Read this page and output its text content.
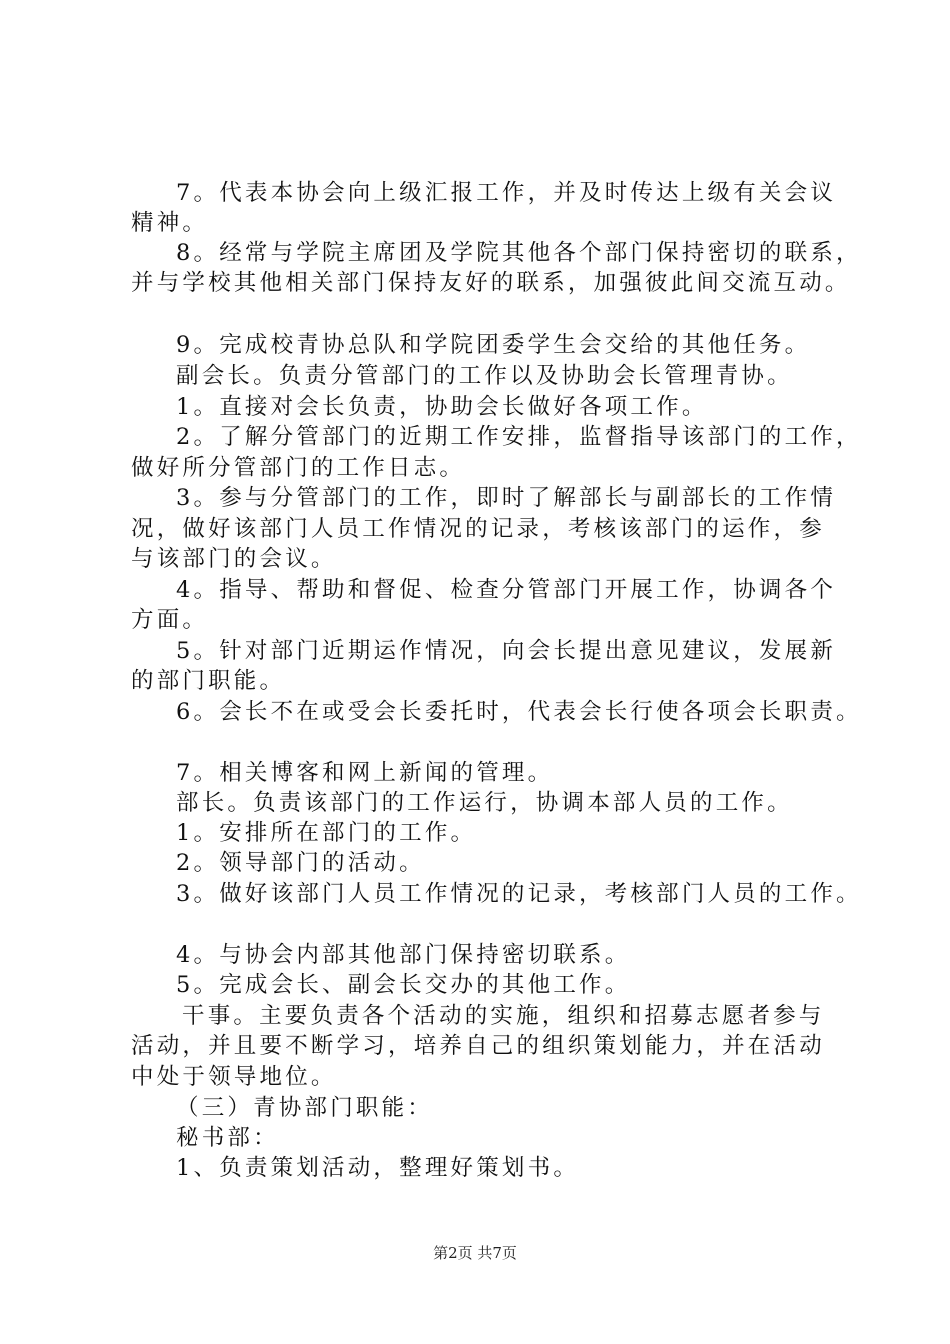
7。代表本协会向上级汇报工作，并及时传达上级有关会议
精神。
8。经常与学院主席团及学院其他各个部门保持密切的联系，
并与学校其他相关部门保持友好的联系，加强彼此间交流互动。
9。完成校青协总队和学院团委学生会交给的其他任务。
副会长。负责分管部门的工作以及协助会长管理青协。
1。直接对会长负责，协助会长做好各项工作。
2。了解分管部门的近期工作安排，监督指导该部门的工作，
做好所分管部门的工作日志。
3。参与分管部门的工作，即时了解部长与副部长的工作情
况，做好该部门人员工作情况的记录，考核该部门的运作，参
与该部门的会议。
4。指导、帮助和督促、检查分管部门开展工作，协调各个
方面。
5。针对部门近期运作情况，向会长提出意见建议，发展新
的部门职能。
6。会长不在或受会长委托时，代表会长行使各项会长职责。
7。相关博客和网上新闻的管理。
部长。负责该部门的工作运行，协调本部人员的工作。
1。安排所在部门的工作。
2。领导部门的活动。
3。做好该部门人员工作情况的记录，考核部门人员的工作。
4。与协会内部其他部门保持密切联系。
5。完成会长、副会长交办的其他工作。
干事。主要负责各个活动的实施，组织和招募志愿者参与
活动，并且要不断学习，培养自己的组织策划能力，并在活动
中处于领导地位。
（三）青协部门职能：
秘书部：
1、负责策划活动，整理好策划书。
第2页 共7页
